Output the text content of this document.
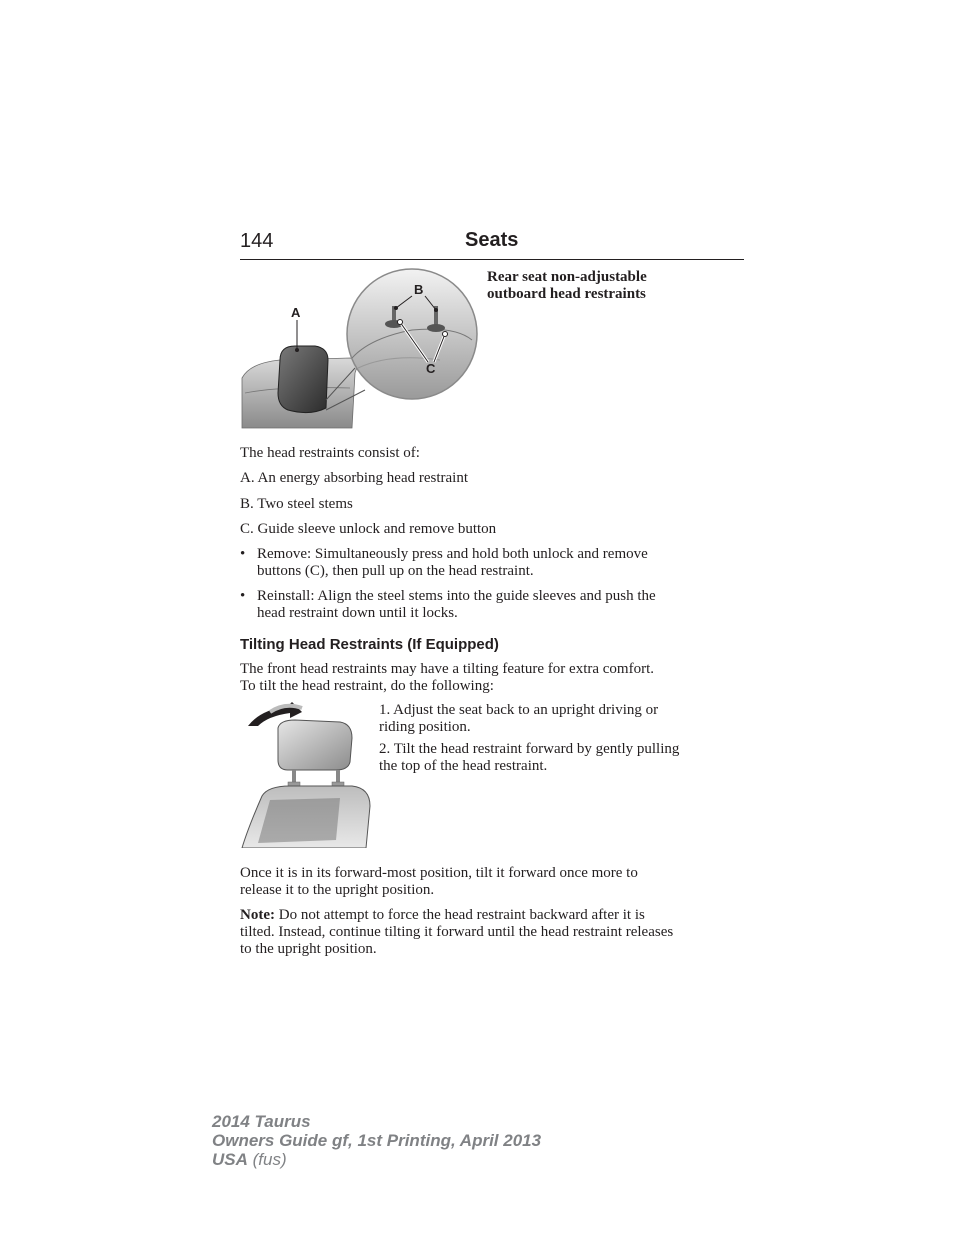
144	Seats
A
B
C
Rear seat non-adjustable
outboard head restraints
The head restraints consist of:
A. An energy absorbing head restraint
B. Two steel stems
C. Guide sleeve unlock and remove button
• Remove: Simultaneously press and hold both unlock and remove
buttons (C), then pull up on the head restraint.
• Reinstall: Align the steel stems into the guide sleeves and push the
head restraint down until it locks.
Tilting Head Restraints (If Equipped)
The front head restraints may have a tilting feature for extra comfort.
To tilt the head restraint, do the following:
1. Adjust the seat back to an upright driving or
riding position.
2. Tilt the head restraint forward by gently pulling
the top of the head restraint.
Once it is in its forward-most position, tilt it forward once more to
release it to the upright position.
Note: Do not attempt to force the head restraint backward after it is
tilted. Instead, continue tilting it forward until the head restraint releases
to the upright position.
2014 Taurus
Owners Guide gf, 1st Printing, April 2013
USA (fus)
